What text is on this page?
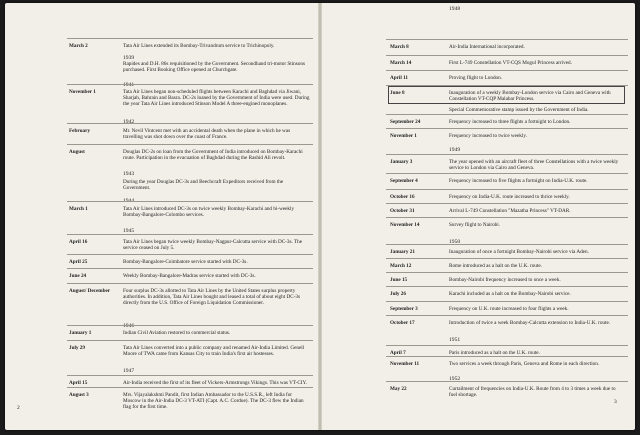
2
March 2	Tata Air Lines extended its Bombay-Trivandrum service to Trichinopoly.
1939
Rapides and D.H. 86s requisitioned by the Government. Secondhand tri-motor Stinsons purchased. First Booking Office opened at Churchgate.
1941
November 1	Tata Air Lines began non-scheduled flights between Karachi and Baghdad via Jiwani, Sharjah, Bahrain and Basra. DC-2s loaned by the Government of India were used. During the year Tata Air Lines introduced Stinson Model A three-engined monoplanes.
1942
February	Mr. Nevil Vintcent met with an accidental death when the plane in which he was travelling was shot down over the coast of France.
August	Douglas DC-2s on loan from the Government of India introduced on Bombay-Karachi route. Participation in the evacuation of Baghdad during the Rashid Ali revolt.
1943
During the year Douglas DC-3s and Beechcraft Expeditors received from the Government.
1944
March 1	Tata Air Lines introduced DC-3s on twice weekly Bombay-Karachi and bi-weekly Bombay-Bangalore-Colombo services.
1945
April 16	Tata Air Lines began twice weekly Bombay-Nagpur-Calcutta service with DC-3s. The service ceased on July 5.
April 25	Bombay-Bangalore-Coimbatore service started with DC-3s.
June 24	Weekly Bombay-Bangalore-Madras service started with DC-3s.
August/ December	Four surplus DC-3s allotted to Tata Air Lines by the United States surplus property authorities. In addition, Tata Air Lines bought and leased a total of about eight DC-3s directly from the U.S. Office of Foreign Liquidation Commissioner.
1946
January 1	Indian Civil Aviation restored to commercial status.
July 29	Tata Air Lines converted into a public company and renamed Air-India Limited. Genell Moore of TWA came from Kansas City to train India's first air hostesses.
1947
April 15	Air-India received the first of its fleet of Vickers-Armstrongs Vikings. This was VT-CIY.
August 3	Mrs. Vijayalakshmi Pandit, first Indian Ambassador to the U.S.S.R., left India for Moscow in the Air-India DC-3 VT-ATI (Capt. A.C. Cordue). The DC-3 flew the Indian flag for the first time.
3
1948
March 8	Air-India International incorporated.
March 14	First L-749 Constellation VT-CQS Mogul Princess arrived.
April 11	Proving flight to London.
June 8	Inauguration of a weekly Bombay-London service via Cairo and Geneva with Constellation VT-CQP Malabar Princess.
Special Commemorative stamp issued by the Government of India.
September 24	Frequency increased to three flights a fortnight to London.
November 1	Frequency increased to twice weekly.
1949
January 3	The year opened with an aircraft fleet of three Constellations with a twice weekly service to London via Cairo and Geneva.
September 4	Frequency increased to five flights a fortnight on India-U.K. route.
October 16	Frequency on India-U.K. route increased to thrice weekly.
October 31	Arrival L-749 Constellation "Mazatha Princess" VT-DAR.
November 14	Survey flight to Nairobi.
1950
January 21	Inauguration of once a fortnight Bombay-Nairobi service via Aden.
March 12	Rome introduced as a halt on the U.K. route.
June 15	Bombay-Nairobi frequency increased to once a week.
July 26	Karachi included as a halt on the Bombay-Nairobi service.
September 3	Frequency on U.K. route increased to four flights a week.
October 17	Introduction of twice a week Bombay-Calcutta extension to India-U.K. route.
1951
April 7	Paris introduced as a halt on the U.K. route.
November 11	Two services a week through Paris, Geneva and Rome in each direction.
1952
May 22	Curtailment of frequencies on India-U.K. Route from 4 to 3 times a week due to fuel shortage.
